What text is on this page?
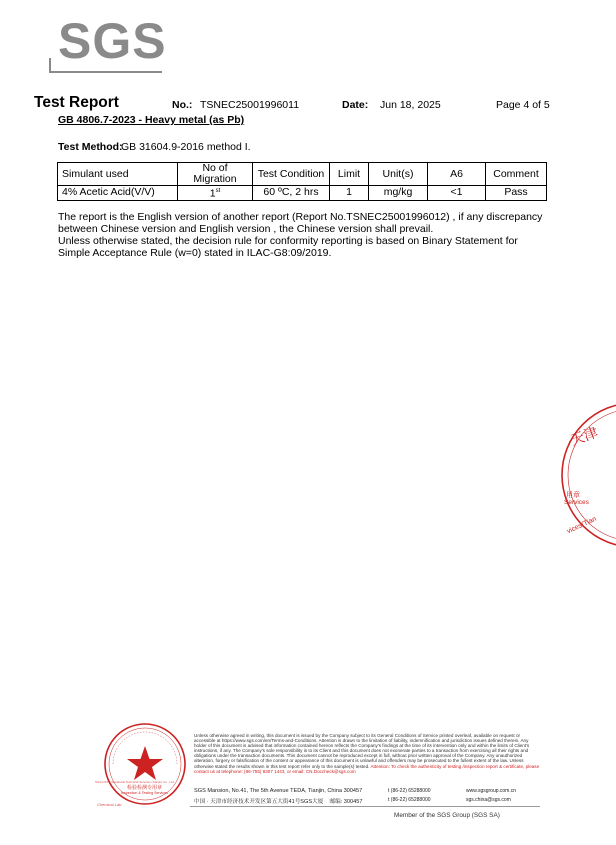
SGS
Test Report	No.: TSNEC25001996011	Date: Jun 18, 2025	Page 4 of 5
GB 4806.7-2023 - Heavy metal (as Pb)
Test Method:
GB 31604.9-2016 method I.
Simulant used	No of Migration	Test Condition	Limit	Unit(s)	A6	Comment
4% Acetic Acid(V/V)	1st	60 ºC, 2 hrs	1	mg/kg	<1	Pass
The report is the English version of another report (Report No.TSNEC25001996012) , if any discrepancy between Chinese version and English version , the Chinese version shall prevail.
Unless otherwise stated, the decision rule for conformity reporting is based on Binary Statement for Simple Acceptance Rule (w=0) stated in ILAC-G8:09/2019.
天津
用章
Services
vices(Tian
检验检测专用章
Inspection & Testing Services
SGS-CSTC Standards Technical Services (Tianjin) Co., Ltd.
Chemical Lab
Unless otherwise agreed in writing, this document is issued by the Company subject to its General Conditions of Service printed overleaf, available on request or accessible at https://www.sgs.com/en/Terms-and-Conditions. Attention is drawn to the limitation of liability, indemnification and jurisdiction issues defined therein. Any holder of this document is advised that information contained hereon reflects the Company's findings at the time of its intervention only and within the limits of Client's instructions, if any. The Company's sole responsibility is to its Client and this document does not exonerate parties to a transaction from exercising all their rights and obligations under the transaction documents. This document cannot be reproduced except in full, without prior written approval of the Company. Any unauthorized alteration, forgery or falsification of the content or appearance of this document is unlawful and offenders may be prosecuted to the fullest extent of the law. Unless otherwise stated the results shown in this test report refer only to the sample(s) tested. Attention: To check the authenticity of testing /inspection report & certificate, please contact us at telephone: (86-755) 8307 1443, or email: CN.Doccheck@sgs.com
SGS Mansion, No.41, The 5th Avenue TEDA, Tianjin, China 300457
中国 · 天津市经济技术开发区第五大街41号SGS大厦 邮编: 300457
t (86-22) 65288000
t (86-22) 65288000
www.sgsgroup.com.cn
sgs.china@sgs.com
Member of the SGS Group (SGS SA)
